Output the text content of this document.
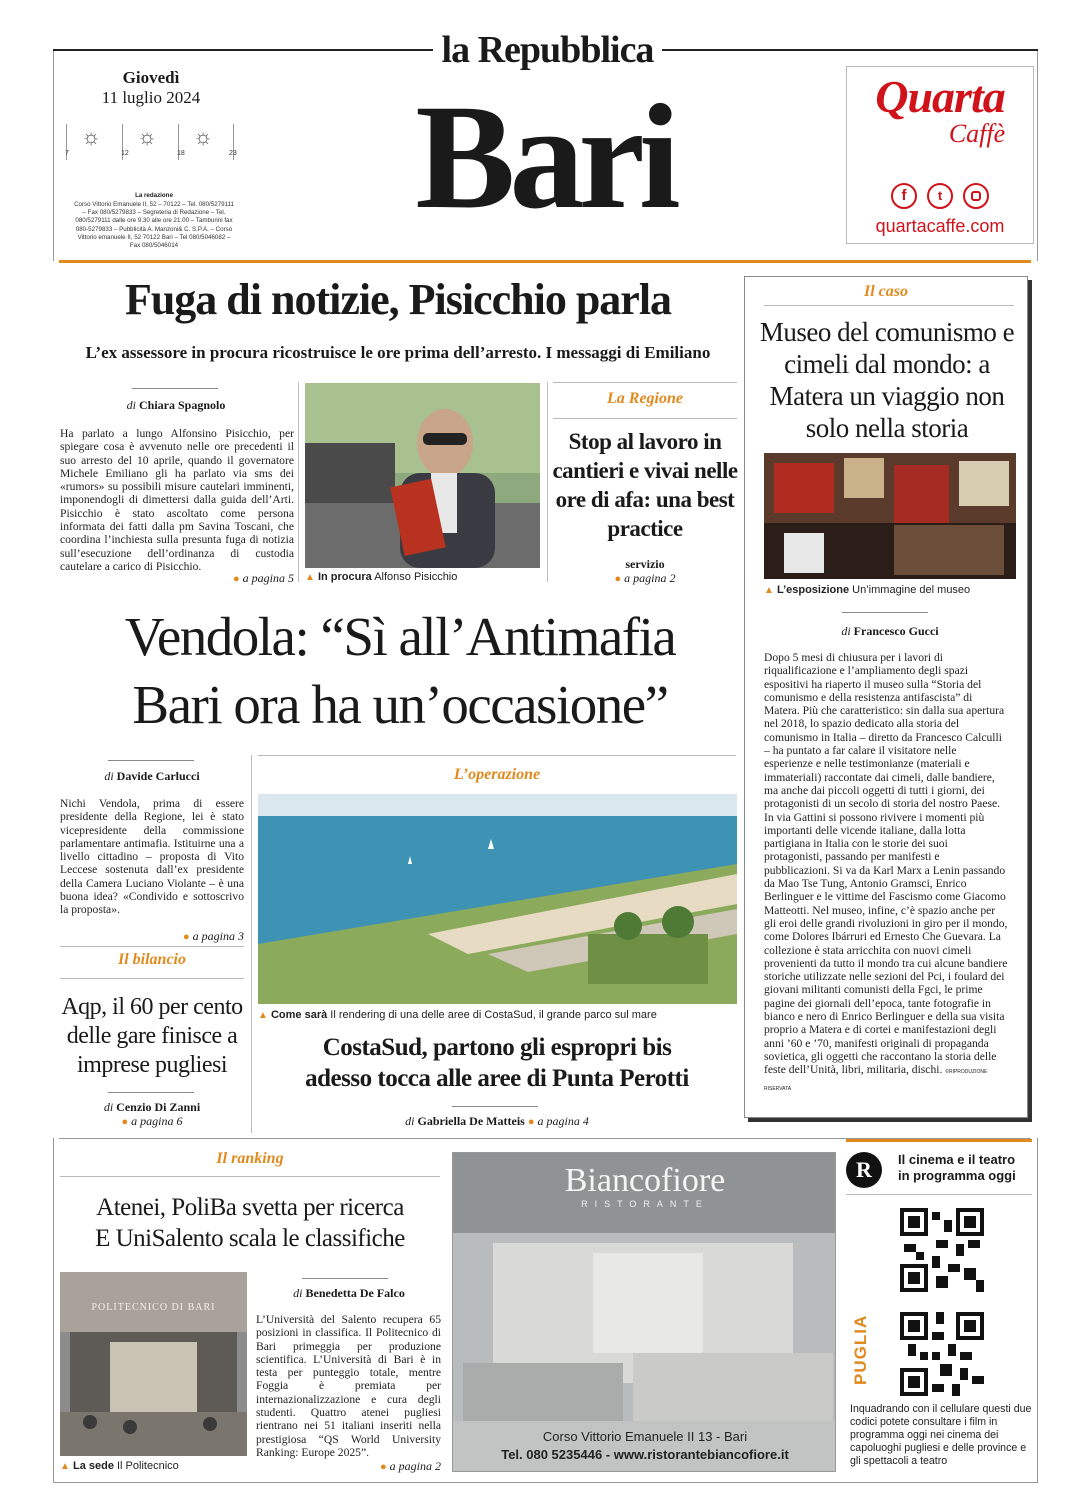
la Repubblica
Giovedì
11 luglio 2024
☼
7
☼
12
☼
18	23
La redazione
Corso Vittorio Emanuele II, 52 – 70122 – Tel. 080/5279111 – Fax 080/5279833 – Segreteria di Redazione – Tel. 080/5279111 dalle ore 9.30 alle ore 21.00 – Tamburini fax 080-5279833 – Pubblicità A. Manzoni& C. S.P.A. – Corso Vittorio emanuele II, 52 70122 Bari – Tel 080/5046082 – Fax 080/5046014
Bari	Quarta
Caffè
f	t
quartacaffe.com
Fuga di notizie, Pisicchio parla
L’ex assessore in procura ricostruisce le ore prima dell’arresto. I messaggi di Emiliano
di Chiara Spagnolo
Ha parlato a lungo Alfonsino Pisicchio, per spiegare cosa è avvenuto nelle ore precedenti il suo arresto del 10 aprile, quando il governatore Michele Emiliano gli ha parlato via sms dei «rumors» su possibili misure cautelari imminenti, imponendogli di dimettersi dalla guida dell’Arti. Pisicchio è stato ascoltato come persona informata dei fatti dalla pm Savina Toscani, che coordina l’inchiesta sulla presunta fuga di notizia sull’esecuzione dell’ordinanza di custodia cautelare a carico di Pisicchio.
● a pagina 5 ▲ In procura Alfonso Pisicchio
La Regione
Stop al lavoro in cantieri e vivai nelle ore di afa: una best practice
servizio
● a pagina 2
Il caso
Museo del comunismo e cimeli dal mondo: a Matera un viaggio non solo nella storia
▲ L’esposizione Un’immagine del museo
di Francesco Gucci
Dopo 5 mesi di chiusura per i lavori di riqualificazione e l’ampliamento degli spazi espositivi ha riaperto il museo sulla “Storia del comunismo e della resistenza antifascista” di Matera. Più che caratteristico: sin dalla sua apertura nel 2018, lo spazio dedicato alla storia del comunismo in Italia – diretto da Francesco Calculli – ha puntato a far calare il visitatore nelle esperienze e nelle testimonianze (materiali e immateriali) raccontate dai cimeli, dalle bandiere, ma anche dai piccoli oggetti di tutti i giorni, dei protagonisti di un secolo di storia del nostro Paese. In via Gattini si possono rivivere i momenti più importanti delle vicende italiane, dalla lotta partigiana in Italia con le storie dei suoi protagonisti, passando per manifesti e pubblicazioni. Si va da Karl Marx a Lenin passando da Mao Tse Tung, Antonio Gramsci, Enrico Berlinguer e le vittime del Fascismo come Giacomo Matteotti. Nel museo, infine, c’è spazio anche per gli eroi delle grandi rivoluzioni in giro per il mondo, come Dolores Ibárruri ed Ernesto Che Guevara. La collezione è stata arricchita con nuovi cimeli provenienti da tutto il mondo tra cui alcune bandiere storiche utilizzate nelle sezioni del Pci, i foulard dei giovani militanti comunisti della Fgci, le prime pagine dei giornali dell’epoca, tante fotografie in bianco e nero di Enrico Berlinguer e della sua visita proprio a Matera e di cortei e manifestazioni degli anni ’60 e ’70, manifesti originali di propaganda sovietica, gli oggetti che raccontano la storia delle feste dell’Unità, libri, militaria, dischi. ©RIPRODUZIONE RISERVATA
Vendola: “Sì all’Antimafia
Bari ora ha un’occasione”
di Davide Carlucci
Nichi Vendola, prima di essere presidente della Regione, lei è stato vicepresidente della commissione parlamentare antimafia. Istituirne una a livello cittadino – proposta di Vito Leccese sostenuta dall’ex presidente della Camera Luciano Violante – è una buona idea? «Condivido e sottoscrivo la proposta».
● a pagina 3
Il bilancio
Aqp, il 60 per cento delle gare finisce a imprese pugliesi
di Cenzio Di Zanni
● a pagina 6
L’operazione
▲ Come sarà Il rendering di una delle aree di CostaSud, il grande parco sul mare
CostaSud, partono gli espropri bis
adesso tocca alle aree di Punta Perotti
di Gabriella De Matteis ● a pagina 4
Il ranking
Atenei, PoliBa svetta per ricerca
E UniSalento scala le classifiche
POLITECNICO DI BARI
▲ La sede Il Politecnico
di Benedetta De Falco
L’Università del Salento recupera 65 posizioni in classifica. Il Politecnico di Bari primeggia per produzione scientifica. L’Università di Bari è in testa per punteggio totale, mentre Foggia è premiata per internazionalizzazione e cura degli studenti. Quattro atenei pugliesi rientrano nei 51 italiani inseriti nella prestigiosa “QS World University Ranking: Europe 2025”.
● a pagina 2
Biancofiore
RISTORANTE
Corso Vittorio Emanuele II 13 - Bari
Tel. 080 5235446 - www.ristorantebiancofiore.it
R	Il cinema e il teatro
in programma oggi
PUGLIA
Inquadrando con il cellulare questi due codici potete consultare i film in programma oggi nei cinema dei capoluoghi pugliesi e delle province e gli spettacoli a teatro
